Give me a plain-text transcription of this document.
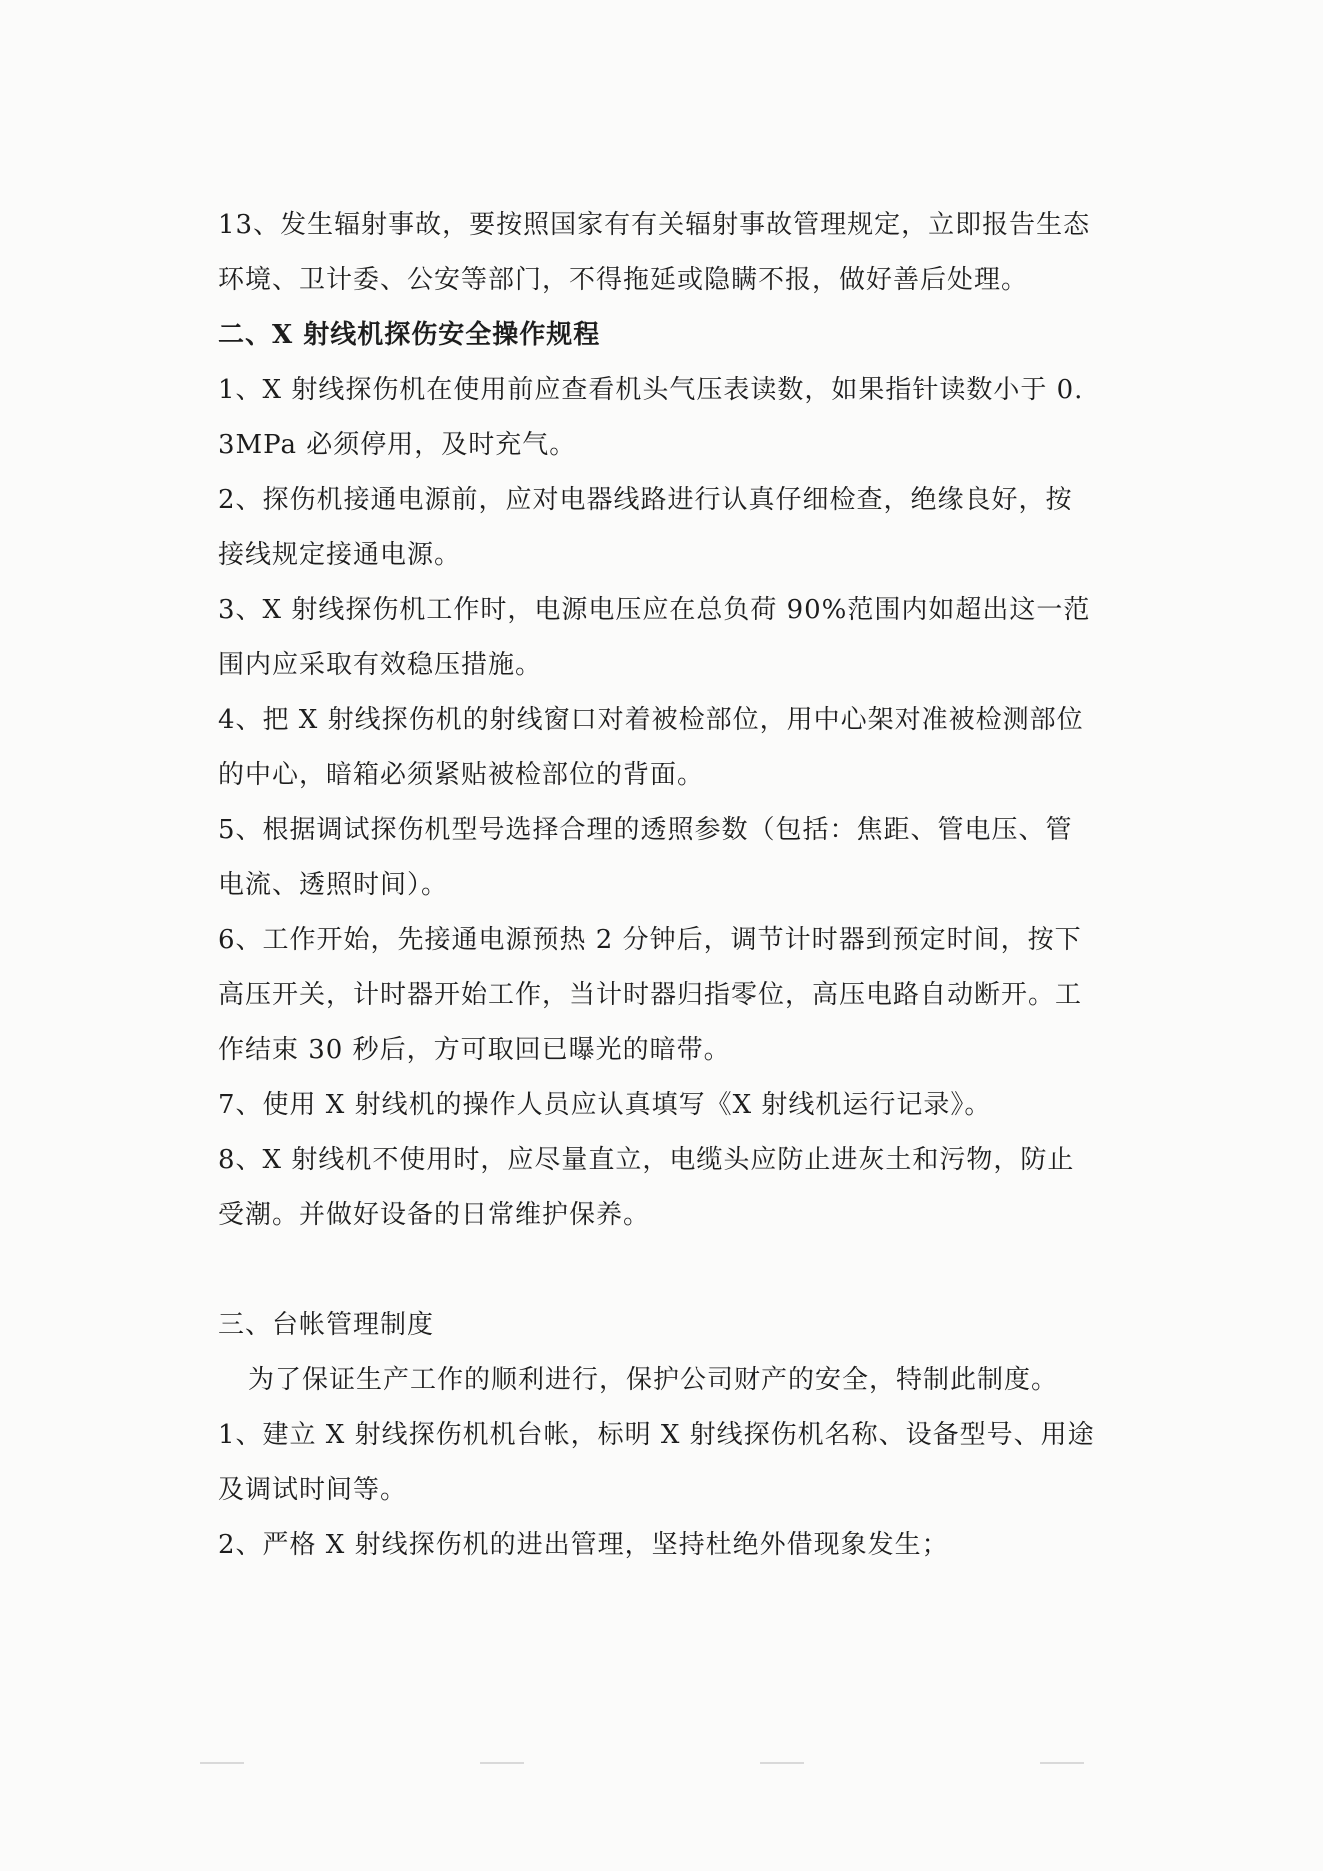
13、发生辐射事故，要按照国家有有关辐射事故管理规定，立即报告生态环境、卫计委、公安等部门，不得拖延或隐瞒不报，做好善后处理。

二、X 射线机探伤安全操作规程

1、X 射线探伤机在使用前应查看机头气压表读数，如果指针读数小于 0.3MPa 必须停用，及时充气。

2、探伤机接通电源前，应对电器线路进行认真仔细检查，绝缘良好，按接线规定接通电源。

3、X 射线探伤机工作时，电源电压应在总负荷 90%范围内如超出这一范围内应采取有效稳压措施。

4、把 X 射线探伤机的射线窗口对着被检部位，用中心架对准被检测部位的中心，暗箱必须紧贴被检部位的背面。

5、根据调试探伤机型号选择合理的透照参数（包括：焦距、管电压、管电流、透照时间）。

6、工作开始，先接通电源预热 2 分钟后，调节计时器到预定时间，按下高压开关，计时器开始工作，当计时器归指零位，高压电路自动断开。工作结束 30 秒后，方可取回已曝光的暗带。

7、使用 X 射线机的操作人员应认真填写《X 射线机运行记录》。

8、X 射线机不使用时，应尽量直立，电缆头应防止进灰土和污物，防止受潮。并做好设备的日常维护保养。

三、台帐管理制度

为了保证生产工作的顺利进行，保护公司财产的安全，特制此制度。

1、建立 X 射线探伤机机台帐，标明 X 射线探伤机名称、设备型号、用途及调试时间等。

2、严格 X 射线探伤机的进出管理，坚持杜绝外借现象发生；
